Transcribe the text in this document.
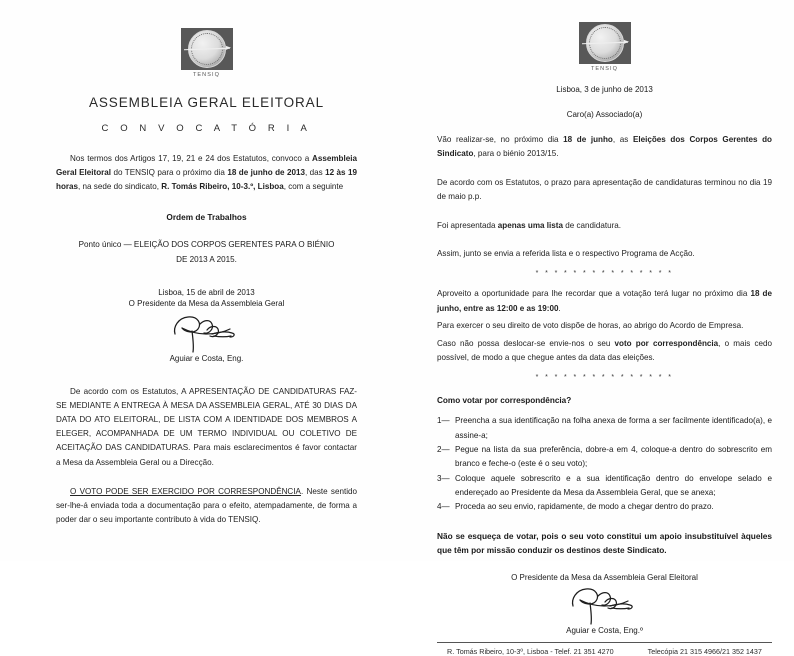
TENSIQ
ASSEMBLEIA GERAL ELEITORAL

C O N V O C A T Ó R I A

Nos termos dos Artigos 17, 19, 21 e 24 dos Estatutos, convoco a Assembleia Geral Eleitoral do TENSIQ para o próximo dia 18 de junho de 2013, das 12 às 19 horas, na sede do sindicato, R. Tomás Ribeiro, 10-3.º, Lisboa, com a seguinte

Ordem de Trabalhos

Ponto único — ELEIÇÃO DOS CORPOS GERENTES PARA O BIÉNIO

DE 2013 A 2015.

Lisboa, 15 de abril de 2013

O Presidente da Mesa da Assembleia Geral

Aguiar e Costa, Eng.

De acordo com os Estatutos, A APRESENTAÇÃO DE CANDIDATURAS FAZ-SE MEDIANTE A ENTREGA À MESA DA ASSEMBLEIA GERAL, ATÉ 30 DIAS DA DATA DO ATO ELEITORAL, DE LISTA COM A IDENTIDADE DOS MEMBROS A ELEGER, ACOMPANHADA DE UM TERMO INDIVIDUAL OU COLETIVO DE ACEITAÇÃO DAS CANDIDATURAS. Para mais esclarecimentos é favor contactar a Mesa da Assembleia Geral ou a Direcção.

O VOTO PODE SER EXERCIDO POR CORRESPONDÊNCIA. Neste sentido ser-lhe-á enviada toda a documentação para o efeito, atempadamente, de forma a poder dar o seu importante contributo à vida do TENSIQ.

TENSIQ

Lisboa, 3 de junho de 2013

Caro(a) Associado(a)

Vão realizar-se, no próximo dia 18 de junho, as Eleições dos Corpos Gerentes do Sindicato, para o biénio 2013/15.

De acordo com os Estatutos, o prazo para apresentação de candidaturas terminou no dia 19 de maio p.p.

Foi apresentada apenas uma lista de candidatura.

Assim, junto se envia a referida lista e o respectivo Programa de Acção.

* * * * * * * * * * * * * * *

Aproveito a oportunidade para lhe recordar que a votação terá lugar no próximo dia 18 de junho, entre as 12:00 e as 19:00.

Para exercer o seu direito de voto dispõe de horas, ao abrigo do Acordo de Empresa.

Caso não possa deslocar-se envie-nos o seu voto por correspondência, o mais cedo possível, de modo a que chegue antes da data das eleições.

* * * * * * * * * * * * * * *

Como votar por correspondência?

1— Preencha a sua identificação na folha anexa de forma a ser facilmente identificado(a), e assine-a;
2— Pegue na lista da sua preferência, dobre-a em 4, coloque-a dentro do sobrescrito em branco e feche-o (este é o seu voto);
3— Coloque aquele sobrescrito e a sua identificação dentro do envelope selado e endereçado ao Presidente da Mesa da Assembleia Geral, que se anexa;
4— Proceda ao seu envio, rapidamente, de modo a chegar dentro do prazo.

Não se esqueça de votar, pois o seu voto constitui um apoio insubstituível àqueles que têm por missão conduzir os destinos deste Sindicato.

O Presidente da Mesa da Assembleia Geral Eleitoral

Aguiar e Costa, Eng.º

R. Tomás Ribeiro, 10-3º, Lisboa - Telef. 21 351 4270	Telecópia 21 315 4966/21 352 1437
